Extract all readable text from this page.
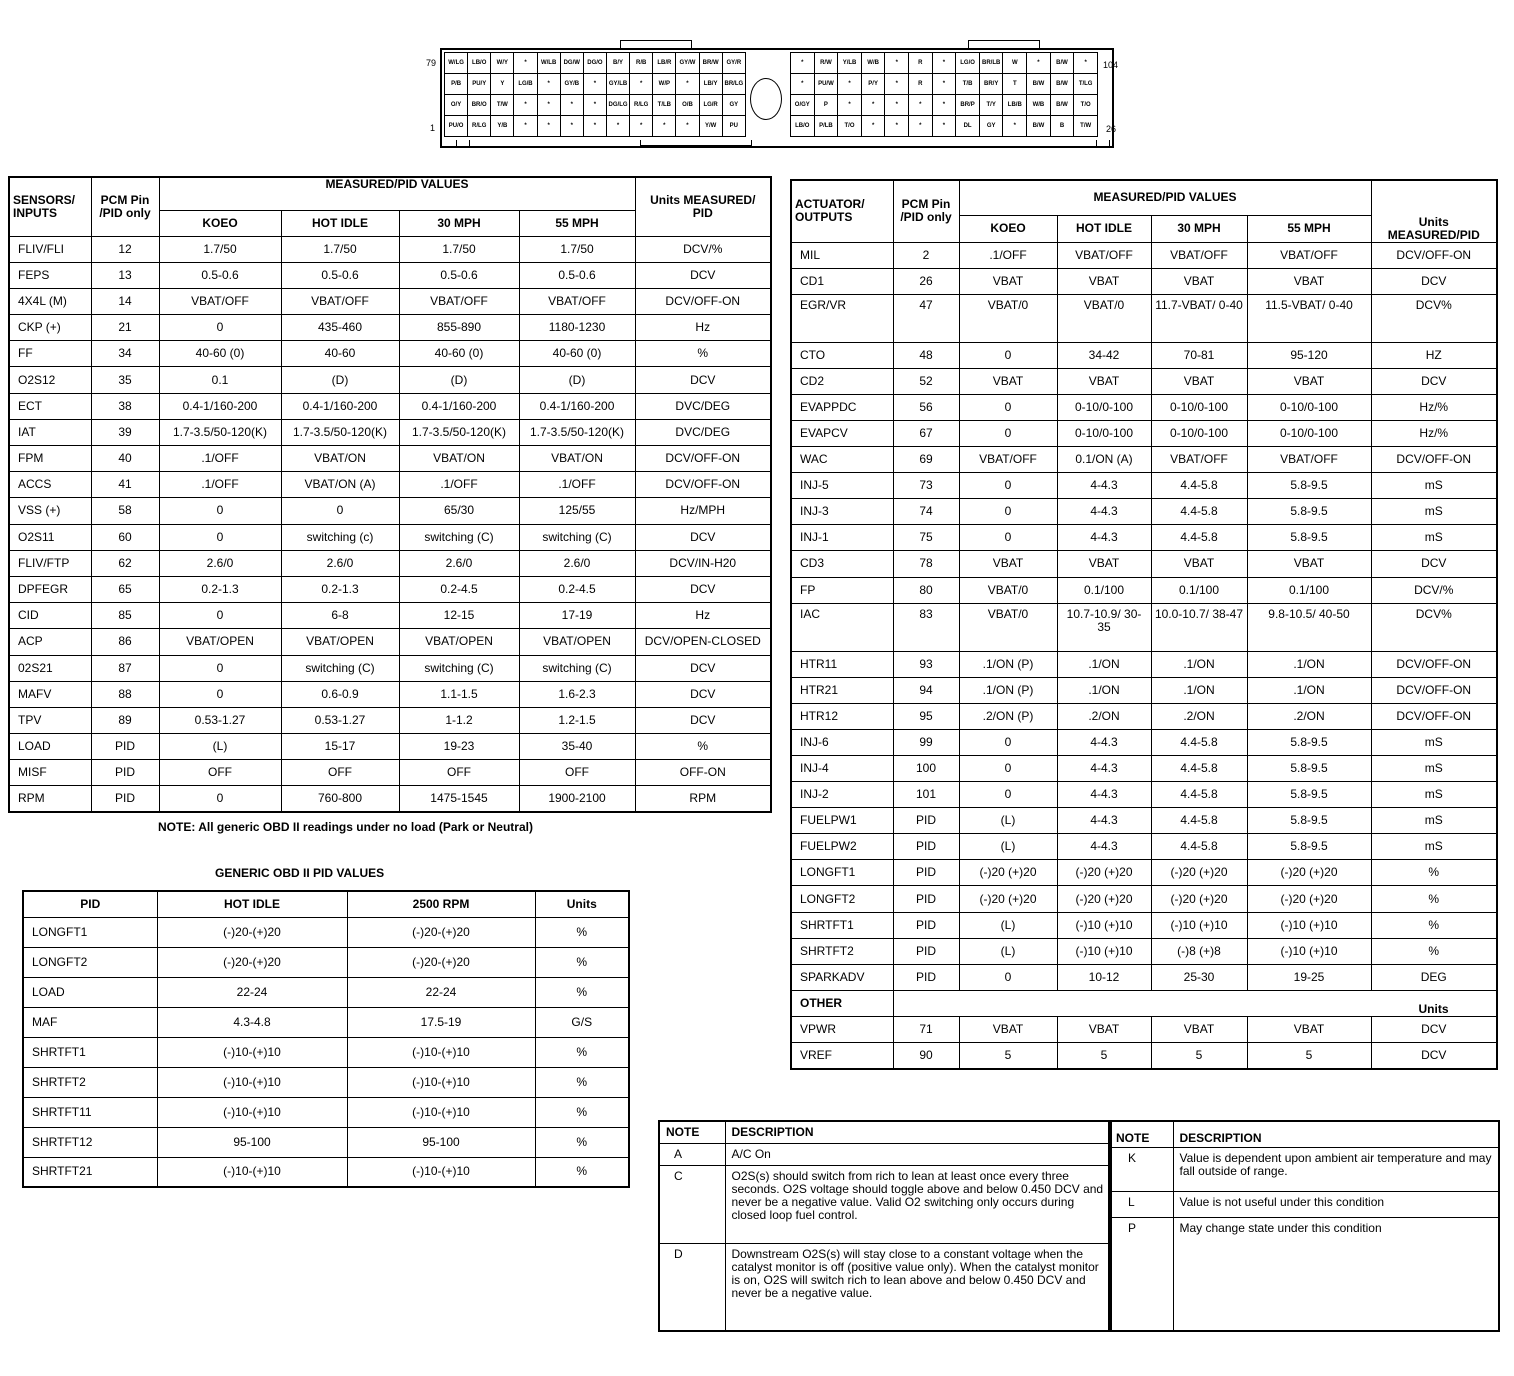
W/LG	LB/O	W/Y	*	W/LB	DG/W	DG/O	B/Y	R/B	LB/R	GY/W	BR/W	GY/R
P/B	PU/Y	Y	LG/B	*	GY/B	*	GY/LB	*	W/P	*	LB/Y	BR/LG
O/Y	BR/O	T/W	*	*	*	*	DG/LG	R/LG	T/LB	O/B	LG/R	GY
PU/O	R/LG	Y/B	*	*	*	*	*	*	*	*	Y/W	PU
*	R/W	Y/LB	W/B	*	R	*	LG/O	BR/LB	W	*	B/W	*
*	PU/W	*	P/Y	*	R	*	T/B	BR/Y	T	B/W	B/W	T/LG
O/GY	P	*	*	*	*	*	BR/P	T/Y	LB/B	W/B	B/W	T/O
LB/O	P/LB	T/O	*	*	*	*	DL	GY	*	B/W	B	T/W
79
1
104
26
SENSORS/ INPUTS	PCM Pin /PID only	MEASURED/PID VALUES				Units MEASURED/ PID
		KOEO	HOT IDLE	30 MPH	55 MPH	
FLIV/FLI	12	1.7/50	1.7/50	1.7/50	1.7/50	DCV/%
FEPS	13	0.5-0.6	0.5-0.6	0.5-0.6	0.5-0.6	DCV
4X4L (M)	14	VBAT/OFF	VBAT/OFF	VBAT/OFF	VBAT/OFF	DCV/OFF-ON
CKP (+)	21	0	435-460	855-890	1180-1230	Hz
FF	34	40-60 (0)	40-60	40-60 (0)	40-60 (0)	%
O2S12	35	0.1	(D)	(D)	(D)	DCV
ECT	38	0.4-1/160-200	0.4-1/160-200	0.4-1/160-200	0.4-1/160-200	DVC/DEG
IAT	39	1.7-3.5/50-120(K)	1.7-3.5/50-120(K)	1.7-3.5/50-120(K)	1.7-3.5/50-120(K)	DVC/DEG
FPM	40	.1/OFF	VBAT/ON	VBAT/ON	VBAT/ON	DCV/OFF-ON
ACCS	41	.1/OFF	VBAT/ON (A)	.1/OFF	.1/OFF	DCV/OFF-ON
VSS (+)	58	0	0	65/30	125/55	Hz/MPH
O2S11	60	0	switching (c)	switching (C)	switching (C)	DCV
FLIV/FTP	62	2.6/0	2.6/0	2.6/0	2.6/0	DCV/IN-H20
DPFEGR	65	0.2-1.3	0.2-1.3	0.2-4.5	0.2-4.5	DCV
CID	85	0	6-8	12-15	17-19	Hz
ACP	86	VBAT/OPEN	VBAT/OPEN	VBAT/OPEN	VBAT/OPEN	DCV/OPEN-CLOSED
02S21	87	0	switching (C)	switching (C)	switching (C)	DCV
MAFV	88	0	0.6-0.9	1.1-1.5	1.6-2.3	DCV
TPV	89	0.53-1.27	0.53-1.27	1-1.2	1.2-1.5	DCV
LOAD	PID	(L)	15-17	19-23	35-40	%
MISF	PID	OFF	OFF	OFF	OFF	OFF-ON
RPM	PID	0	760-800	1475-1545	1900-2100	RPM
NOTE: All generic OBD II readings under no load (Park or Neutral)
GENERIC OBD II PID VALUES
PID	HOT IDLE	2500 RPM	Units
LONGFT1	(-)20-(+)20	(-)20-(+)20	%
LONGFT2	(-)20-(+)20	(-)20-(+)20	%
LOAD	22-24	22-24	%
MAF	4.3-4.8	17.5-19	G/S
SHRTFT1	(-)10-(+)10	(-)10-(+)10	%
SHRTFT2	(-)10-(+)10	(-)10-(+)10	%
SHRTFT11	(-)10-(+)10	(-)10-(+)10	%
SHRTFT12	95-100	95-100	%
SHRTFT21	(-)10-(+)10	(-)10-(+)10	%
ACTUATOR/ OUTPUTS	PCM Pin /PID only	MEASURED/PID VALUES				Units MEASURED/PID
		KOEO	HOT IDLE	30 MPH	55 MPH	
MIL	2	.1/OFF	VBAT/OFF	VBAT/OFF	VBAT/OFF	DCV/OFF-ON
CD1	26	VBAT	VBAT	VBAT	VBAT	DCV
EGR/VR	47	VBAT/0	VBAT/0	11.7-VBAT/ 0-40	11.5-VBAT/ 0-40	DCV%
CTO	48	0	34-42	70-81	95-120	HZ
CD2	52	VBAT	VBAT	VBAT	VBAT	DCV
EVAPPDC	56	0	0-10/0-100	0-10/0-100	0-10/0-100	Hz/%
EVAPCV	67	0	0-10/0-100	0-10/0-100	0-10/0-100	Hz/%
WAC	69	VBAT/OFF	0.1/ON (A)	VBAT/OFF	VBAT/OFF	DCV/OFF-ON
INJ-5	73	0	4-4.3	4.4-5.8	5.8-9.5	mS
INJ-3	74	0	4-4.3	4.4-5.8	5.8-9.5	mS
INJ-1	75	0	4-4.3	4.4-5.8	5.8-9.5	mS
CD3	78	VBAT	VBAT	VBAT	VBAT	DCV
FP	80	VBAT/0	0.1/100	0.1/100	0.1/100	DCV/%
IAC	83	VBAT/0	10.7-10.9/ 30-35	10.0-10.7/ 38-47	9.8-10.5/ 40-50	DCV%
HTR11	93	.1/ON (P)	.1/ON	.1/ON	.1/ON	DCV/OFF-ON
HTR21	94	.1/ON (P)	.1/ON	.1/ON	.1/ON	DCV/OFF-ON
HTR12	95	.2/ON (P)	.2/ON	.2/ON	.2/ON	DCV/OFF-ON
INJ-6	99	0	4-4.3	4.4-5.8	5.8-9.5	mS
INJ-4	100	0	4-4.3	4.4-5.8	5.8-9.5	mS
INJ-2	101	0	4-4.3	4.4-5.8	5.8-9.5	mS
FUELPW1	PID	(L)	4-4.3	4.4-5.8	5.8-9.5	mS
FUELPW2	PID	(L)	4-4.3	4.4-5.8	5.8-9.5	mS
LONGFT1	PID	(-)20 (+)20	(-)20 (+)20	(-)20 (+)20	(-)20 (+)20	%
LONGFT2	PID	(-)20 (+)20	(-)20 (+)20	(-)20 (+)20	(-)20 (+)20	%
SHRTFT1	PID	(L)	(-)10 (+)10	(-)10 (+)10	(-)10 (+)10	%
SHRTFT2	PID	(L)	(-)10 (+)10	(-)8 (+)8	(-)10 (+)10	%
SPARKADV	PID	0	10-12	25-30	19-25	DEG
OTHER						Units
VPWR	71	VBAT	VBAT	VBAT	VBAT	DCV
VREF	90	5	5	5	5	DCV
NOTE	DESCRIPTION
A	A/C On
C	O2S(s) should switch from rich to lean at least once every three seconds. O2S voltage should toggle above and below 0.450 DCV and never be a negative value. Valid O2 switching only occurs during closed loop fuel control.
D	Downstream O2S(s) will stay close to a constant voltage when the catalyst monitor is off (positive value only). When the catalyst monitor is on, O2S will switch rich to lean above and below 0.450 DCV and never be a negative value.
NOTE	DESCRIPTION
K	Value is dependent upon ambient air temperature and may fall outside of range.
L	Value is not useful under this condition
P	May change state under this condition
